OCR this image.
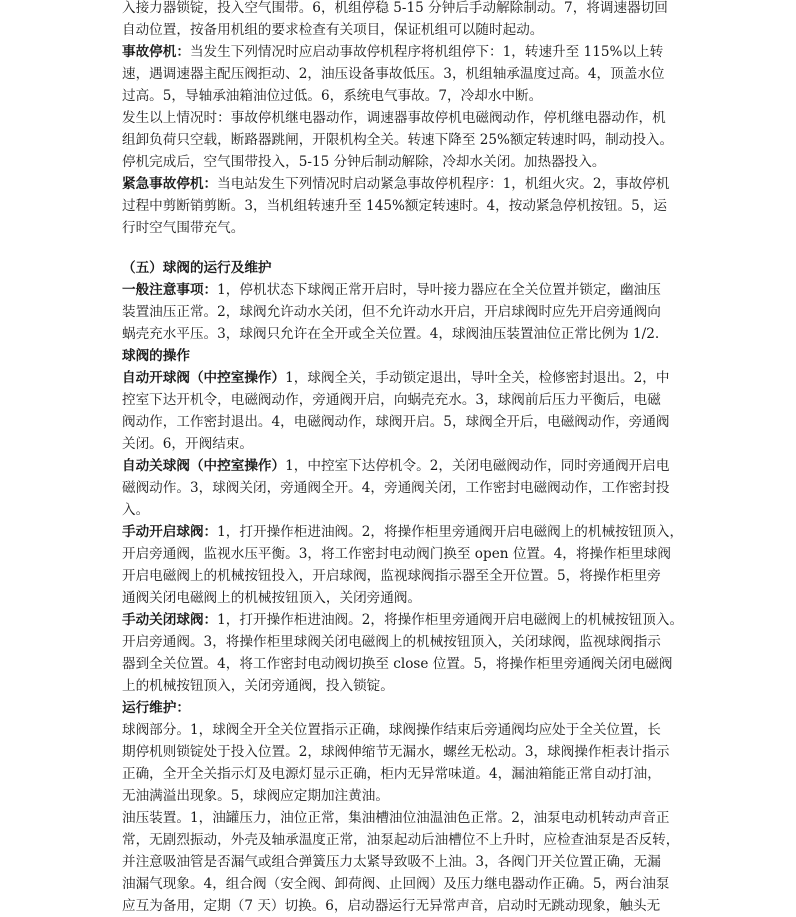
入接力器锁锭，投入空气围带。6，机组停稳 5-15 分钟后手动解除制动。7，将调速器切回
自动位置，按备用机组的要求检查有关项目，保证机组可以随时起动。
事故停机：当发生下列情况时应启动事故停机程序将机组停下：1，转速升至 115%以上转
速，遇调速器主配压阀拒动、2，油压设备事故低压。3，机组轴承温度过高。4，顶盖水位
过高。5，导轴承油箱油位过低。6，系统电气事故。7，冷却水中断。
发生以上情况时：事故停机继电器动作，调速器事故停机电磁阀动作，停机继电器动作，机
组卸负荷只空载，断路器跳闸，开限机构全关。转速下降至 25%额定转速时吗，制动投入。
停机完成后，空气围带投入，5-15 分钟后制动解除，冷却水关闭。加热器投入。
紧急事故停机：当电站发生下列情况时启动紧急事故停机程序：1，机组火灾。2，事故停机
过程中剪断销剪断。3，当机组转速升至 145%额定转速时。4，按动紧急停机按钮。5，运
行时空气围带充气。
（五）球阀的运行及维护
一般注意事项：1，停机状态下球阀正常开启时，导叶接力器应在全关位置并锁定，幽油压
装置油压正常。2，球阀允许动水关闭，但不允许动水开启，开启球阀时应先开启旁通阀向
蜗壳充水平压。3，球阀只允许在全开或全关位置。4，球阀油压装置油位正常比例为 1/2.
球阀的操作
自动开球阀（中控室操作）1，球阀全关，手动锁定退出，导叶全关，检修密封退出。2，中
控室下达开机令，电磁阀动作，旁通阀开启，向蜗壳充水。3，球阀前后压力平衡后，电磁
阀动作，工作密封退出。4，电磁阀动作，球阀开启。5，球阀全开后，电磁阀动作，旁通阀
关闭。6，开阀结束。
自动关球阀（中控室操作）1，中控室下达停机令。2，关闭电磁阀动作，同时旁通阀开启电
磁阀动作。3，球阀关闭，旁通阀全开。4，旁通阀关闭，工作密封电磁阀动作，工作密封投
入。
手动开启球阀：1，打开操作柜进油阀。2，将操作柜里旁通阀开启电磁阀上的机械按钮顶入，
开启旁通阀，监视水压平衡。3，将工作密封电动阀门换至 open 位置。4，将操作柜里球阀
开启电磁阀上的机械按钮投入，开启球阀，监视球阀指示器至全开位置。5，将操作柜里旁
通阀关闭电磁阀上的机械按钮顶入，关闭旁通阀。
手动关闭球阀：1，打开操作柜进油阀。2，将操作柜里旁通阀开启电磁阀上的机械按钮顶入。
开启旁通阀。3，将操作柜里球阀关闭电磁阀上的机械按钮顶入，关闭球阀，监视球阀指示
器到全关位置。4，将工作密封电动阀切换至 close 位置。5，将操作柜里旁通阀关闭电磁阀
上的机械按钮顶入，关闭旁通阀，投入锁锭。
运行维护：
球阀部分。1，球阀全开全关位置指示正确，球阀操作结束后旁通阀均应处于全关位置，长
期停机则锁锭处于投入位置。2，球阀伸缩节无漏水，螺丝无松动。3，球阀操作柜表计指示
正确，全开全关指示灯及电源灯显示正确，柜内无异常味道。4，漏油箱能正常自动打油，
无油满溢出现象。5，球阀应定期加注黄油。
油压装置。1，油罐压力，油位正常，集油槽油位油温油色正常。2，油泵电动机转动声音正
常，无剧烈振动，外壳及轴承温度正常，油泵起动后油槽位不上升时，应检查油泵是否反转，
并注意吸油管是否漏气或组合弹簧压力太紧导致吸不上油。3，各阀门开关位置正确，无漏
油漏气现象。4，组合阀（安全阀、卸荷阀、止回阀）及压力继电器动作正确。5，两台油泵
应互为备用，定期（7 天）切换。6，启动器运行无异常声音，启动时无跳动现象，触头无
